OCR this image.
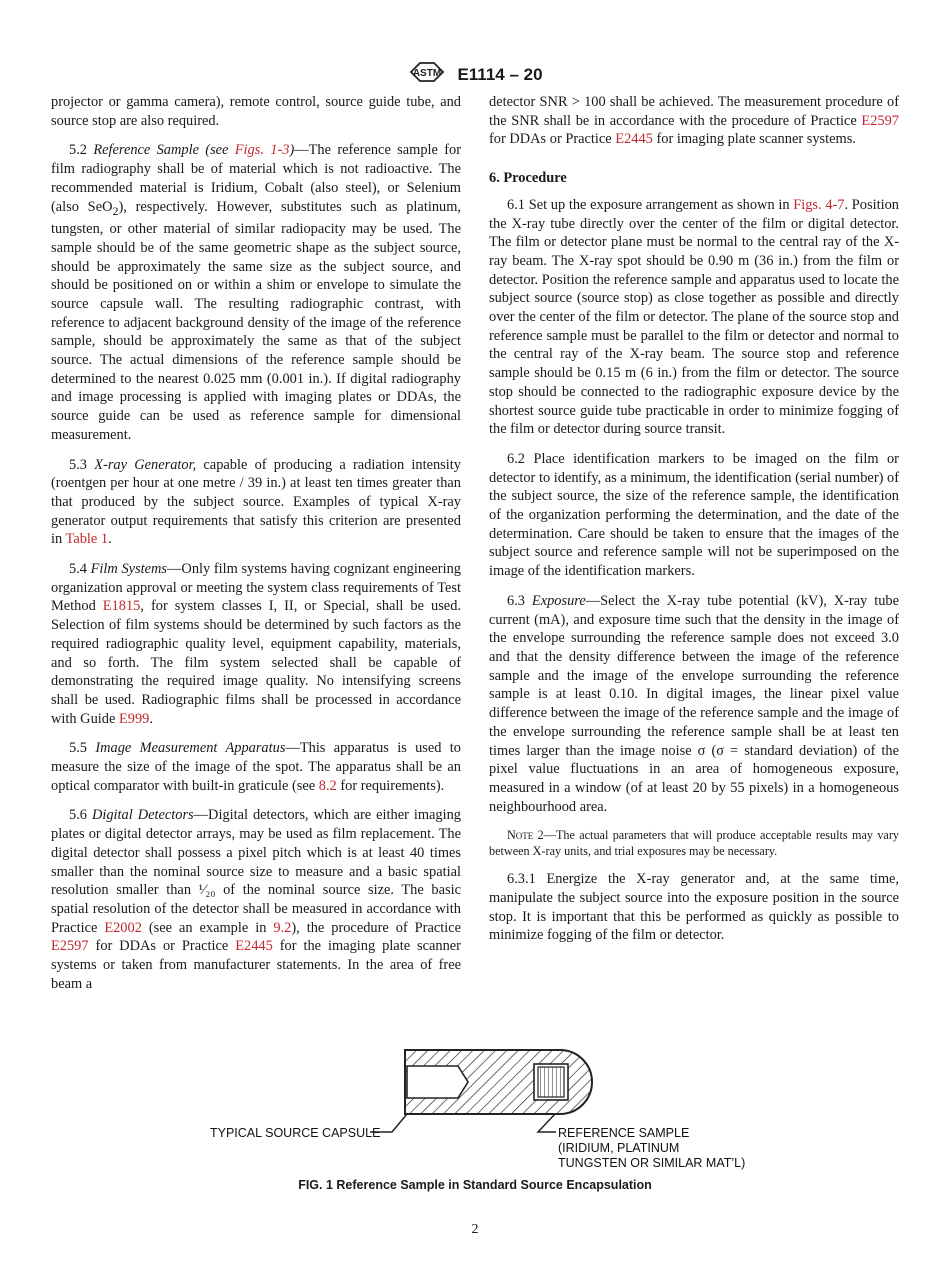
ASTM E1114 – 20

projector or gamma camera), remote control, source guide tube, and source stop are also required.

5.2 Reference Sample (see Figs. 1-3)—The reference sample for film radiography shall be of material which is not radioactive. The recommended material is Iridium, Cobalt (also steel), or Selenium (also SeO$_2$), respectively. However, substitutes such as platinum, tungsten, or other material of similar radiopacity may be used. The sample should be of the same geometric shape as the subject source, should be approximately the same size as the subject source, and should be positioned on or within a shim or envelope to simulate the source capsule wall. The resulting radiographic contrast, with reference to adjacent background density of the image of the reference sample, should be approximately the same as that of the subject source. The actual dimensions of the reference sample should be determined to the nearest 0.025 mm (0.001 in.). If digital radiography and image processing is applied with imaging plates or DDAs, the source guide can be used as reference sample for dimensional measurement.

5.3 X-ray Generator, capable of producing a radiation intensity (roentgen per hour at one metre / 39 in.) at least ten times greater than that produced by the subject source. Examples of typical X-ray generator output requirements that satisfy this criterion are presented in Table 1.

5.4 Film Systems—Only film systems having cognizant engineering organization approval or meeting the system class requirements of Test Method E1815, for system classes I, II, or Special, shall be used. Selection of film systems should be determined by such factors as the required radiographic quality level, equipment capability, materials, and so forth. The film system selected shall be capable of demonstrating the required image quality. No intensifying screens shall be used. Radiographic films shall be processed in accordance with Guide E999.

5.5 Image Measurement Apparatus—This apparatus is used to measure the size of the image of the spot. The apparatus shall be an optical comparator with built-in graticule (see 8.2 for requirements).

5.6 Digital Detectors—Digital detectors, which are either imaging plates or digital detector arrays, may be used as film replacement. The digital detector shall possess a pixel pitch which is at least 40 times smaller than the nominal source size to measure and a basic spatial resolution smaller than ¹⁄₂₀ of the nominal source size. The basic spatial resolution of the detector shall be measured in accordance with Practice E2002 (see an example in 9.2), the procedure of Practice E2597 for DDAs or Practice E2445 for the imaging plate scanner systems or taken from manufacturer statements. In the area of free beam a

detector SNR > 100 shall be achieved. The measurement procedure of the SNR shall be in accordance with the procedure of Practice E2597 for DDAs or Practice E2445 for imaging plate scanner systems.

6. Procedure

6.1 Set up the exposure arrangement as shown in Figs. 4-7. Position the X-ray tube directly over the center of the film or digital detector. The film or detector plane must be normal to the central ray of the X-ray beam. The X-ray spot should be 0.90 m (36 in.) from the film or detector. Position the reference sample and apparatus used to locate the subject source (source stop) as close together as possible and directly over the center of the film or detector. The plane of the source stop and reference sample must be parallel to the film or detector and normal to the central ray of the X-ray beam. The source stop and reference sample should be 0.15 m (6 in.) from the film or detector. The source stop should be connected to the radiographic exposure device by the shortest source guide tube practicable in order to minimize fogging of the film or detector during source transit.

6.2 Place identification markers to be imaged on the film or detector to identify, as a minimum, the identification (serial number) of the subject source, the size of the reference sample, the identification of the organization performing the determination, and the date of the determination. Care should be taken to ensure that the images of the subject source and reference sample will not be superimposed on the image of the identification markers.

6.3 Exposure—Select the X-ray tube potential (kV), X-ray tube current (mA), and exposure time such that the density in the image of the envelope surrounding the reference sample does not exceed 3.0 and that the density difference between the image of the reference sample and the image of the envelope surrounding the reference sample is at least 0.10. In digital images, the linear pixel value difference between the image of the reference sample and the image of the envelope surrounding the reference sample shall be at least ten times larger than the image noise σ (σ = standard deviation) of the pixel value fluctuations in an area of homogeneous exposure, measured in a window (of at least 20 by 55 pixels) in a homogeneous neighbourhood area.

Note 2—The actual parameters that will produce acceptable results may vary between X-ray units, and trial exposures may be necessary.

6.3.1 Energize the X-ray generator and, at the same time, manipulate the subject source into the exposure position in the source stop. It is important that this be performed as quickly as possible to minimize fogging of the film or detector.

TYPICAL SOURCE CAPSULE	REFERENCE SAMPLE
(IRIDIUM, PLATINUM
TUNGSTEN OR SIMILAR MAT’L)
FIG. 1 Reference Sample in Standard Source Encapsulation
2
